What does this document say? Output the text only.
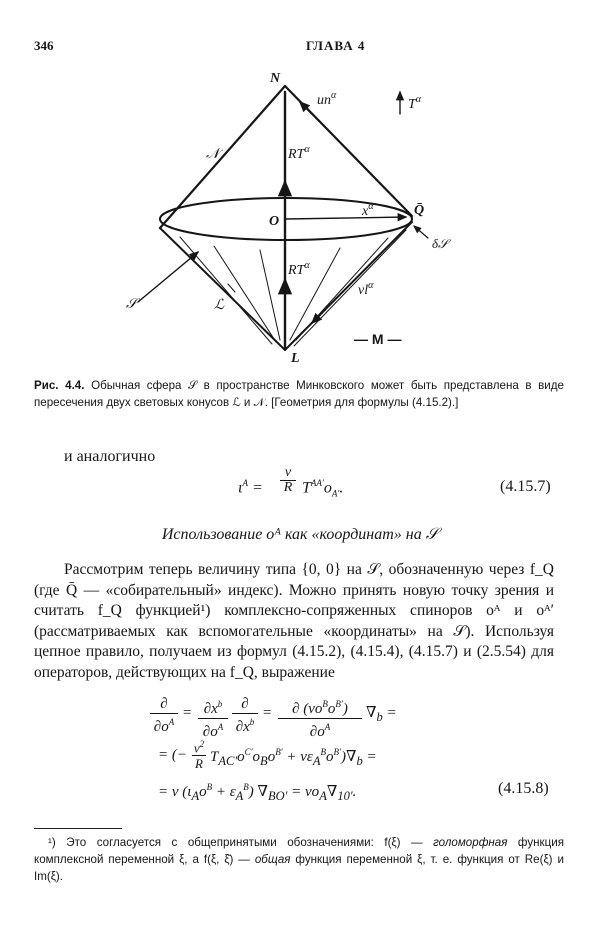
346	ГЛАВА 4
N
L
O
Q̄
𝒩
ℒ
𝒮
δ𝒮
$un^\alpha$
$T^\alpha$
$RT^\alpha$
$RT^\alpha$
$x^\alpha$
$vl^\alpha$
— M —
Рис. 4.4. Обычная сфера 𝒮 в пространстве Минковского может быть представлена в виде пересечения двух световых конусов ℒ и 𝒩. [Геометрия для формулы (4.15.2).]
и аналогично
$\iota^A$ =
v

R $T^{AA'}o_{A'}$.	(4.15.7)
Использование oᴬ как «координат» на 𝒮
Рассмотрим теперь величину типа {0, 0} на 𝒮, обозначенную через f_Q (где Q̄ — «собирательный» индекс). Можно принять новую точку зрения и считать f_Q функцией¹) комплексно-сопряженных спиноров oᴬ и oᴬ′ (рассматриваемых как вспомогательные «координаты» на 𝒮). Используя цепное правило, получаем из формул (4.15.2), (4.15.4), (4.15.7) и (2.5.54) для операторов, действующих на f_Q, выражение
∂

$\partial o^A$
= $\partial x^b$

$\partial o^A$
∂

$\partial x^b$
=	∂ $(vo^Bo^{B'})$

$\partial o^A$
$\nabla_b$ =
= (− $v^2$

R $T_{AC'}o^{C'}o_Bo^{B'} + v\varepsilon_A^Bo^{B'})\nabla_b$ =
= v $(\iota_Ao^B + \varepsilon_A^B) \nabla_{BO'} = vo_A\nabla_{10'}$.	(4.15.8)
¹) Это согласуется с общепринятыми обозначениями: f(ξ) — голоморфная функция комплексной переменной ξ, а f(ξ, ξ̄) — общая функция переменной ξ, т. е. функция от Re(ξ) и Im(ξ).
